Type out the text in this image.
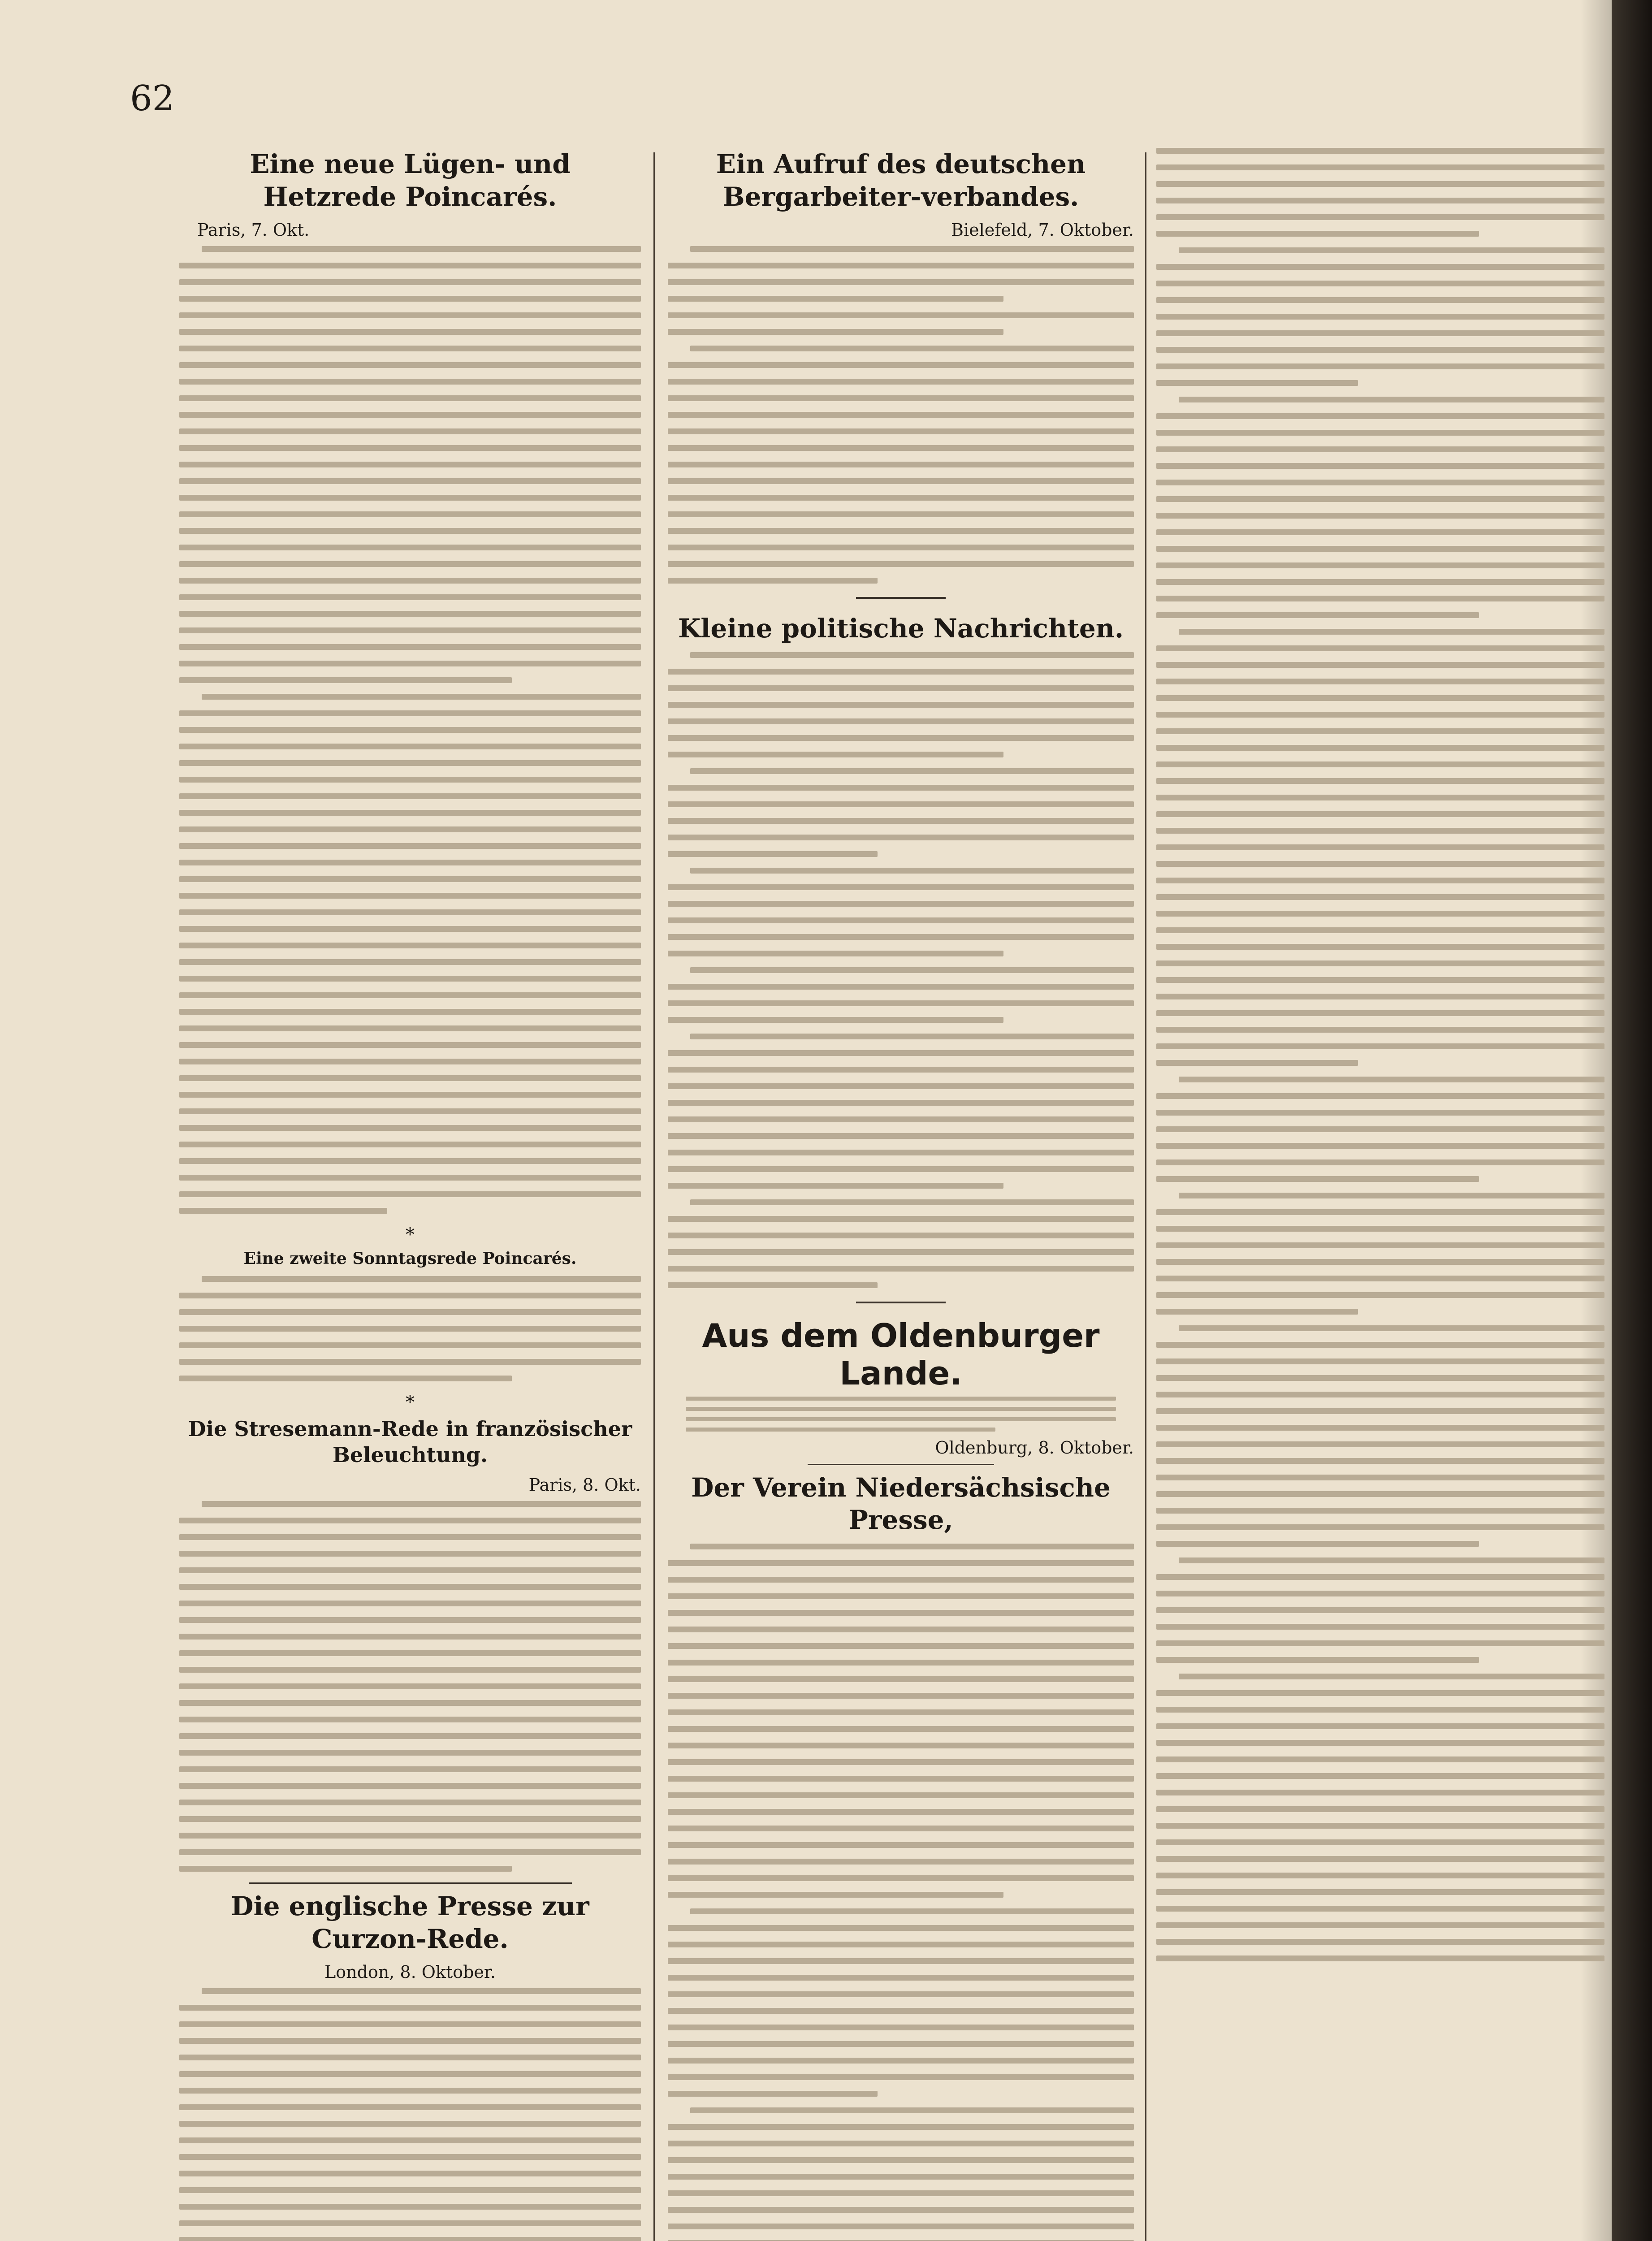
62
Eine neue Lügen- und Hetzrede Poincarés.
Paris, 7. Okt.
*
Eine zweite Sonntagsrede Poincarés.
*
Die Stresemann-Rede in französischer Beleuchtung.
Paris, 8. Okt.
Die englische Presse zur Curzon-Rede.
London, 8. Oktober.
Ein Aufruf des deutschen Bergarbeiter-verbandes.
Bielefeld, 7. Oktober.
Kleine politische Nachrichten.
Aus dem Oldenburger Lande.
Oldenburg, 8. Oktober.
Der Verein Niedersächsische Presse,
